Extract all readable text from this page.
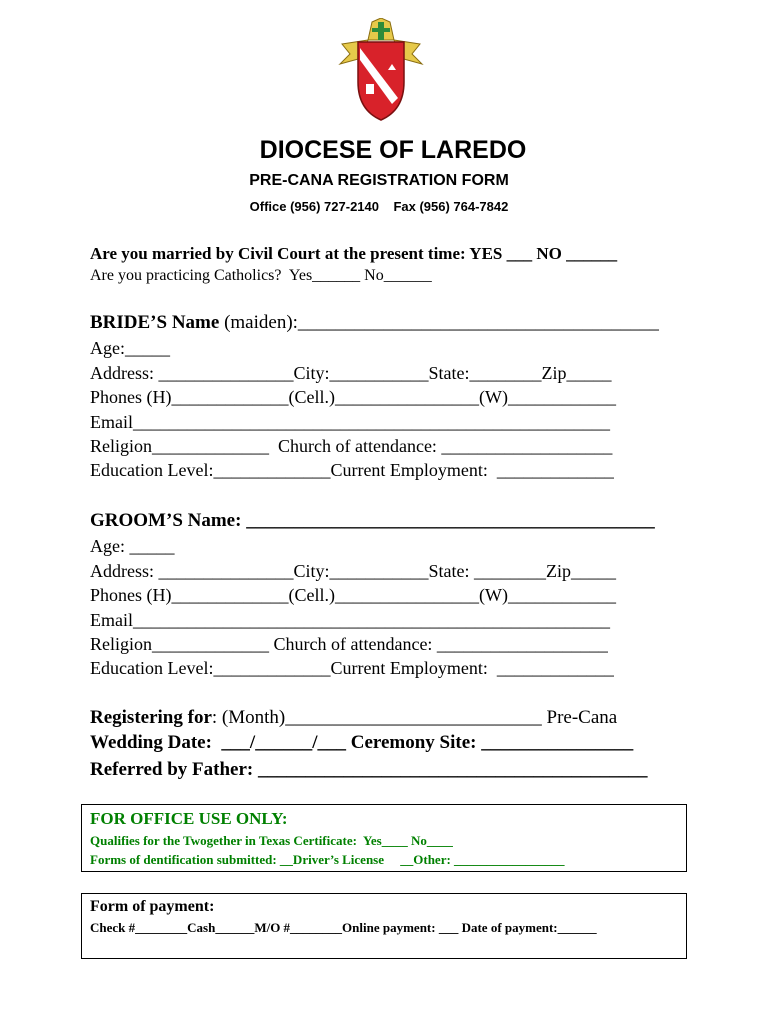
DIOCESE OF LAREDO
PRE-CANA REGISTRATION FORM
Office (956) 727-2140    Fax (956) 764-7842
Are you married by Civil Court at the present time: YES ___ NO ______
Are you practicing Catholics?  Yes______ No______
BRIDE’S Name (maiden):______________________________________
Age:_____
Address: _______________City:___________State:________Zip_____
Phones (H)_____________(Cell.)________________(W)____________
Email_____________________________________________________
Religion_____________  Church of attendance: ___________________
Education Level:_____________Current Employment:  _____________
GROOM’S Name: ___________________________________________
Age: _____
Address: _______________City:___________State: ________Zip_____
Phones (H)_____________(Cell.)________________(W)____________
Email_____________________________________________________
Religion_____________ Church of attendance: ___________________
Education Level:_____________Current Employment:  _____________
Registering for: (Month)___________________________ Pre-Cana
Wedding Date:  ___/______/___ Ceremony Site: ________________
Referred by Father: _________________________________________
FOR OFFICE USE ONLY:
Qualifies for the Twogether in Texas Certificate:  Yes____ No____
Forms of dentification submitted: __Driver’s License     __Other: _________________
Form of payment:
Check #________Cash______M/O #________Online payment: ___ Date of payment:______
